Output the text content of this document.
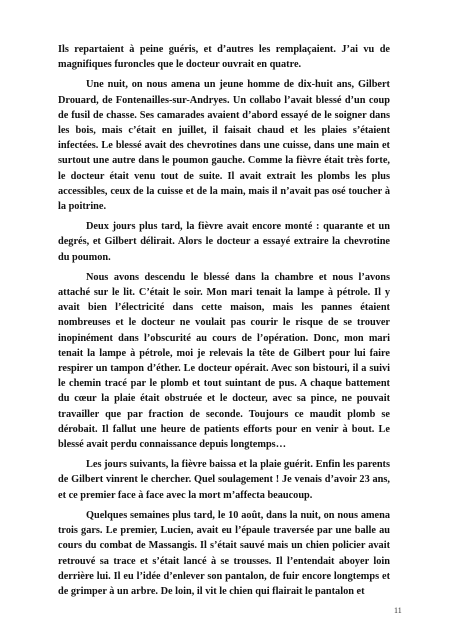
Ils repartaient à peine guéris, et d’autres les remplaçaient. J’ai vu de magnifiques furoncles que le docteur ouvrait en quatre.

Une nuit, on nous amena un jeune homme de dix-huit ans, Gilbert Drouard, de Fontenailles-sur-Andryes. Un collabo l’avait blessé d’un coup de fusil de chasse. Ses camarades avaient d’abord essayé de le soigner dans les bois, mais c’était en juillet, il faisait chaud et les plaies s’étaient infectées. Le blessé avait des chevrotines dans une cuisse, dans une main et surtout une autre dans le poumon gauche. Comme la fièvre était très forte, le docteur était venu tout de suite. Il avait extrait les plombs les plus accessibles, ceux de la cuisse et de la main, mais il n’avait pas osé toucher à la poitrine.

Deux jours plus tard, la fièvre avait encore monté : quarante et un degrés, et Gilbert délirait. Alors le docteur a essayé extraire la chevrotine du poumon.

Nous avons descendu le blessé dans la chambre et nous l’avons attaché sur le lit. C’était le soir. Mon mari tenait la lampe à pétrole. Il y avait bien l’électricité dans cette maison, mais les pannes étaient nombreuses et le docteur ne voulait pas courir le risque de se trouver inopinément dans l’obscurité au cours de l’opération. Donc, mon mari tenait la lampe à pétrole, moi je relevais la tête de Gilbert pour lui faire respirer un tampon d’éther. Le docteur opérait. Avec son bistouri, il a suivi le chemin tracé par le plomb et tout suintant de pus. A chaque battement du cœur la plaie était obstruée et le docteur, avec sa pince, ne pouvait travailler que par fraction de seconde. Toujours ce maudit plomb se dérobait. Il fallut une heure de patients efforts pour en venir à bout. Le blessé avait perdu connaissance depuis longtemps…

Les jours suivants, la fièvre baissa et la plaie guérit. Enfin les parents de Gilbert vinrent le chercher. Quel soulagement ! Je venais d’avoir 23 ans, et ce premier face à face avec la mort m’affecta beaucoup.

Quelques semaines plus tard, le 10 août, dans la nuit, on nous amena trois gars. Le premier, Lucien, avait eu l’épaule traversée par une balle au cours du combat de Massangis. Il s’était sauvé mais un chien policier avait retrouvé sa trace et s’était lancé à se trousses. Il l’entendait aboyer loin derrière lui. Il eu l’idée d’enlever son pantalon, de fuir encore longtemps et de grimper à un arbre. De loin, il vit le chien qui flairait le pantalon et

11
